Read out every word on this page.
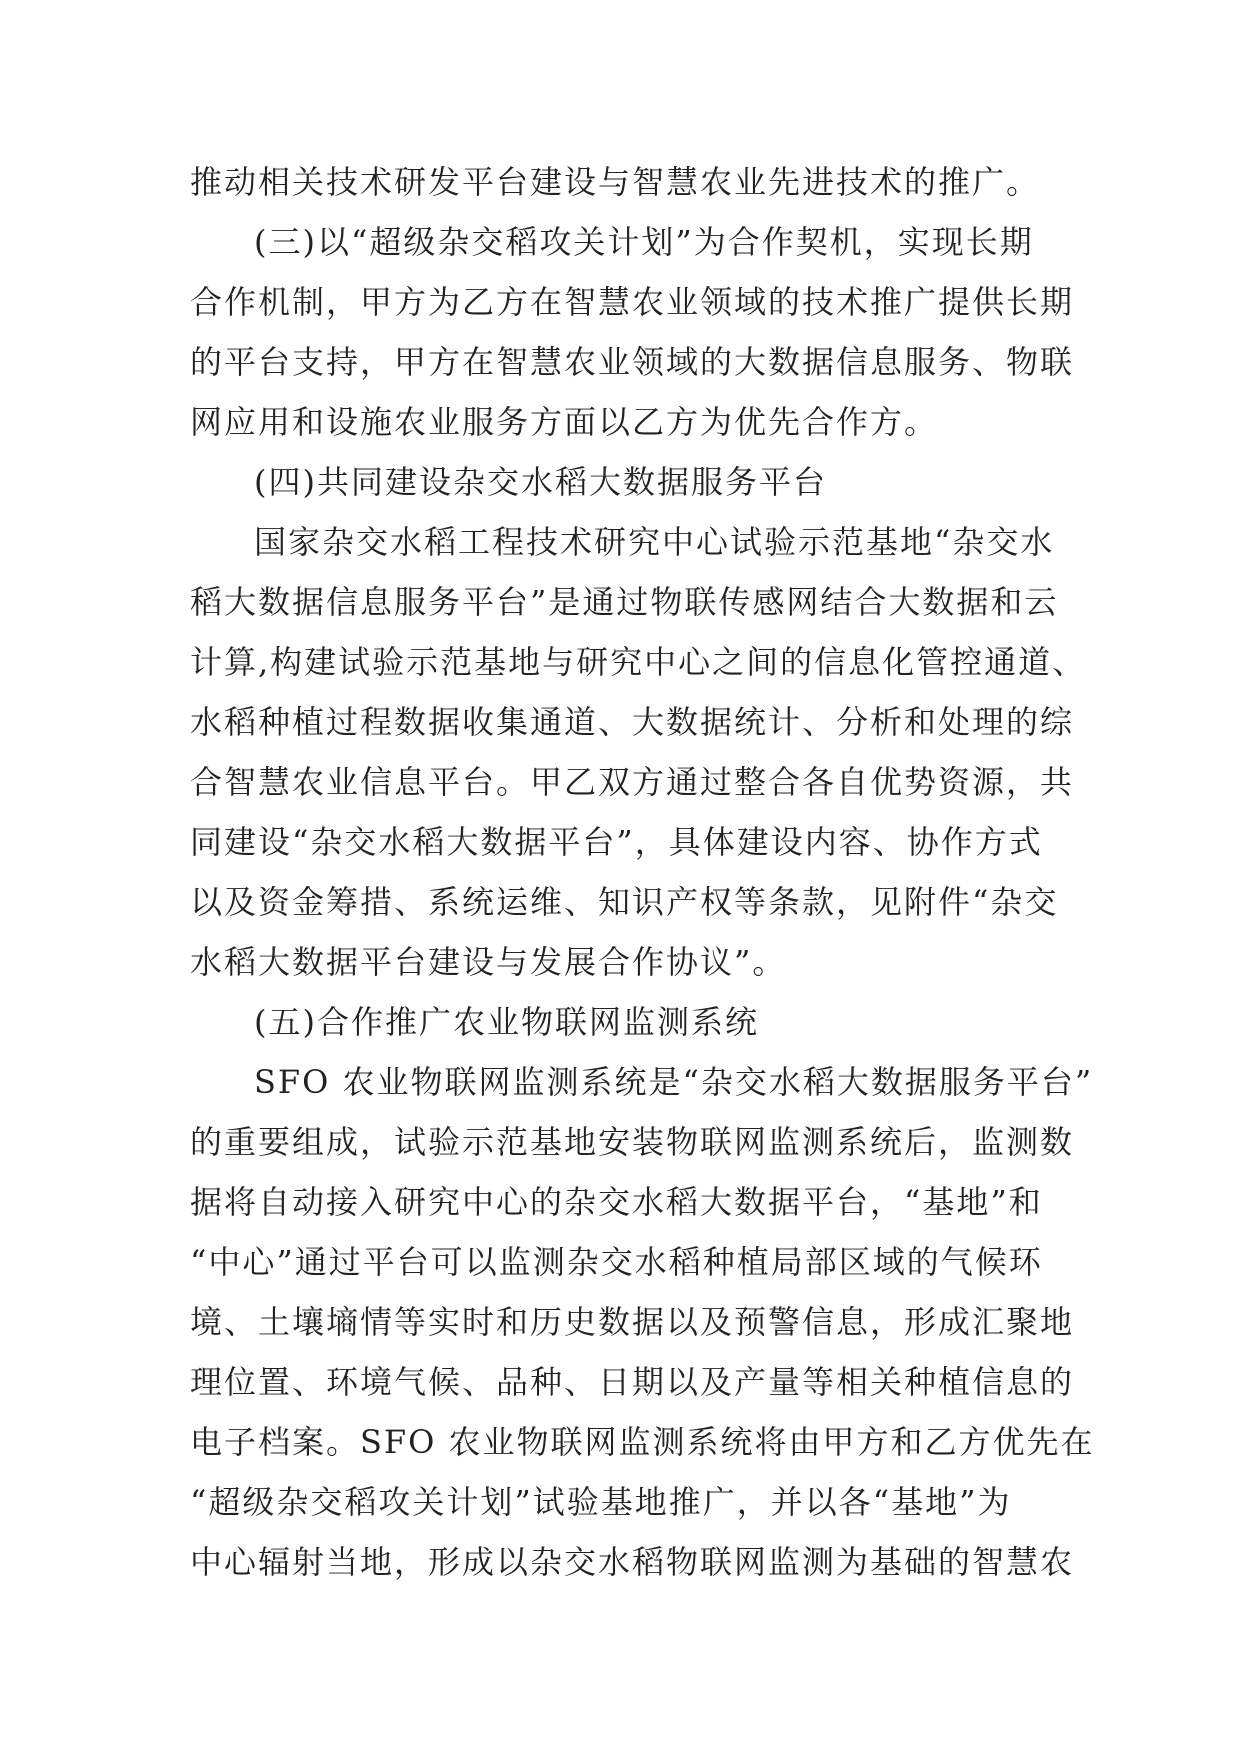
推动相关技术研发平台建设与智慧农业先进技术的推广。
(三)以“超级杂交稻攻关计划”为合作契机，实现长期
合作机制，甲方为乙方在智慧农业领域的技术推广提供长期
的平台支持，甲方在智慧农业领域的大数据信息服务、物联
网应用和设施农业服务方面以乙方为优先合作方。
(四)共同建设杂交水稻大数据服务平台
国家杂交水稻工程技术研究中心试验示范基地“杂交水
稻大数据信息服务平台”是通过物联传感网结合大数据和云
计算,构建试验示范基地与研究中心之间的信息化管控通道、
水稻种植过程数据收集通道、大数据统计、分析和处理的综
合智慧农业信息平台。甲乙双方通过整合各自优势资源，共
同建设“杂交水稻大数据平台”，具体建设内容、协作方式
以及资金筹措、系统运维、知识产权等条款，见附件“杂交
水稻大数据平台建设与发展合作协议”。
(五)合作推广农业物联网监测系统
SFO 农业物联网监测系统是“杂交水稻大数据服务平台”
的重要组成，试验示范基地安装物联网监测系统后，监测数
据将自动接入研究中心的杂交水稻大数据平台，“基地”和
“中心”通过平台可以监测杂交水稻种植局部区域的气候环
境、土壤墒情等实时和历史数据以及预警信息，形成汇聚地
理位置、环境气候、品种、日期以及产量等相关种植信息的
电子档案。SFO 农业物联网监测系统将由甲方和乙方优先在
“超级杂交稻攻关计划”试验基地推广，并以各“基地”为
中心辐射当地，形成以杂交水稻物联网监测为基础的智慧农
